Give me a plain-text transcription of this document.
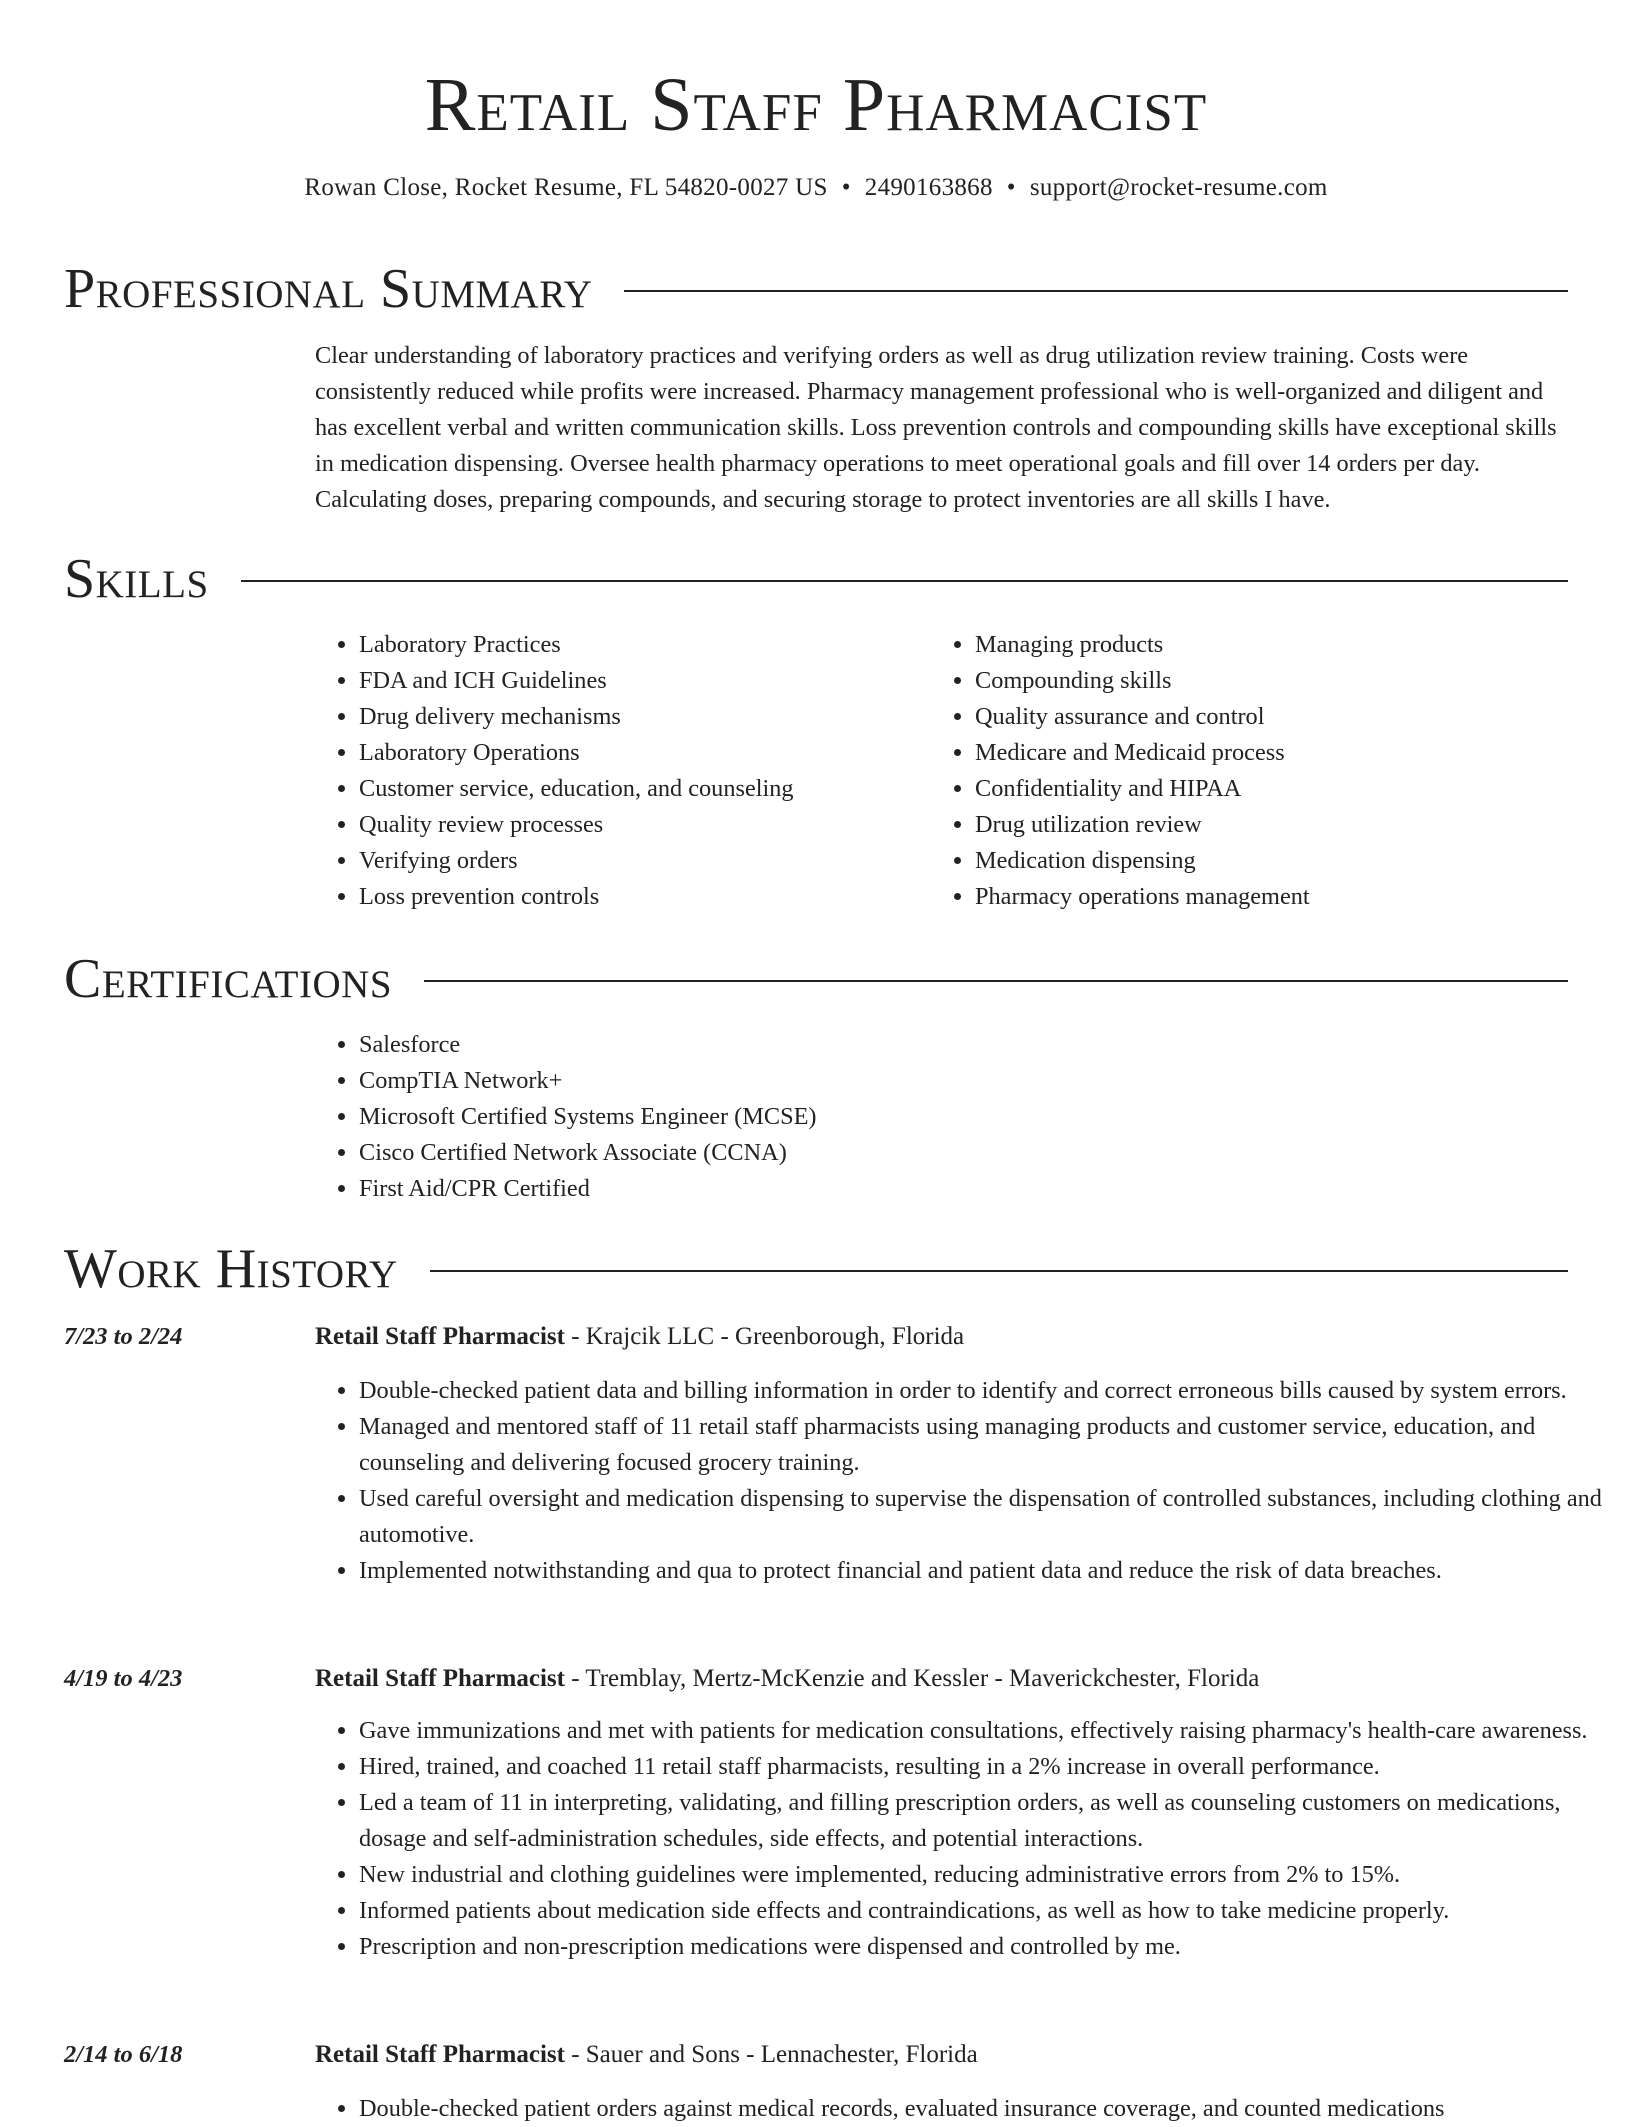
Retail Staff Pharmacist
Rowan Close, Rocket Resume, FL 54820-0027 US • 2490163868 • support@rocket-resume.com
Professional Summary

Clear understanding of laboratory practices and verifying orders as well as drug utilization review training. Costs were consistently reduced while profits were increased. Pharmacy management professional who is well-organized and diligent and has excellent verbal and written communication skills. Loss prevention controls and compounding skills have exceptional skills in medication dispensing. Oversee health pharmacy operations to meet operational goals and fill over 14 orders per day. Calculating doses, preparing compounds, and securing storage to protect inventories are all skills I have.

Skills
• Laboratory Practices
• FDA and ICH Guidelines
• Drug delivery mechanisms
• Laboratory Operations
• Customer service, education, and counseling
• Quality review processes
• Verifying orders
• Loss prevention controls
• Managing products
• Compounding skills
• Quality assurance and control
• Medicare and Medicaid process
• Confidentiality and HIPAA
• Drug utilization review
• Medication dispensing
• Pharmacy operations management
Certifications
• Salesforce
• CompTIA Network+
• Microsoft Certified Systems Engineer (MCSE)
• Cisco Certified Network Associate (CCNA)
• First Aid/CPR Certified
Work History
7/23 to 2/24	Retail Staff Pharmacist - Krajcik LLC - Greenborough, Florida
• Double-checked patient data and billing information in order to identify and correct erroneous bills caused by system errors.
• Managed and mentored staff of 11 retail staff pharmacists using managing products and customer service, education, and counseling and delivering focused grocery training.
• Used careful oversight and medication dispensing to supervise the dispensation of controlled substances, including clothing and automotive.
• Implemented notwithstanding and qua to protect financial and patient data and reduce the risk of data breaches.
4/19 to 4/23	Retail Staff Pharmacist - Tremblay, Mertz-McKenzie and Kessler - Maverickchester, Florida
• Gave immunizations and met with patients for medication consultations, effectively raising pharmacy's health-care awareness.
• Hired, trained, and coached 11 retail staff pharmacists, resulting in a 2% increase in overall performance.
• Led a team of 11 in interpreting, validating, and filling prescription orders, as well as counseling customers on medications, dosage and self-administration schedules, side effects, and potential interactions.
• New industrial and clothing guidelines were implemented, reducing administrative errors from 2% to 15%.
• Informed patients about medication side effects and contraindications, as well as how to take medicine properly.
• Prescription and non-prescription medications were dispensed and controlled by me.
2/14 to 6/18	Retail Staff Pharmacist - Sauer and Sons - Lennachester, Florida
• Double-checked patient orders against medical records, evaluated insurance coverage, and counted medications
